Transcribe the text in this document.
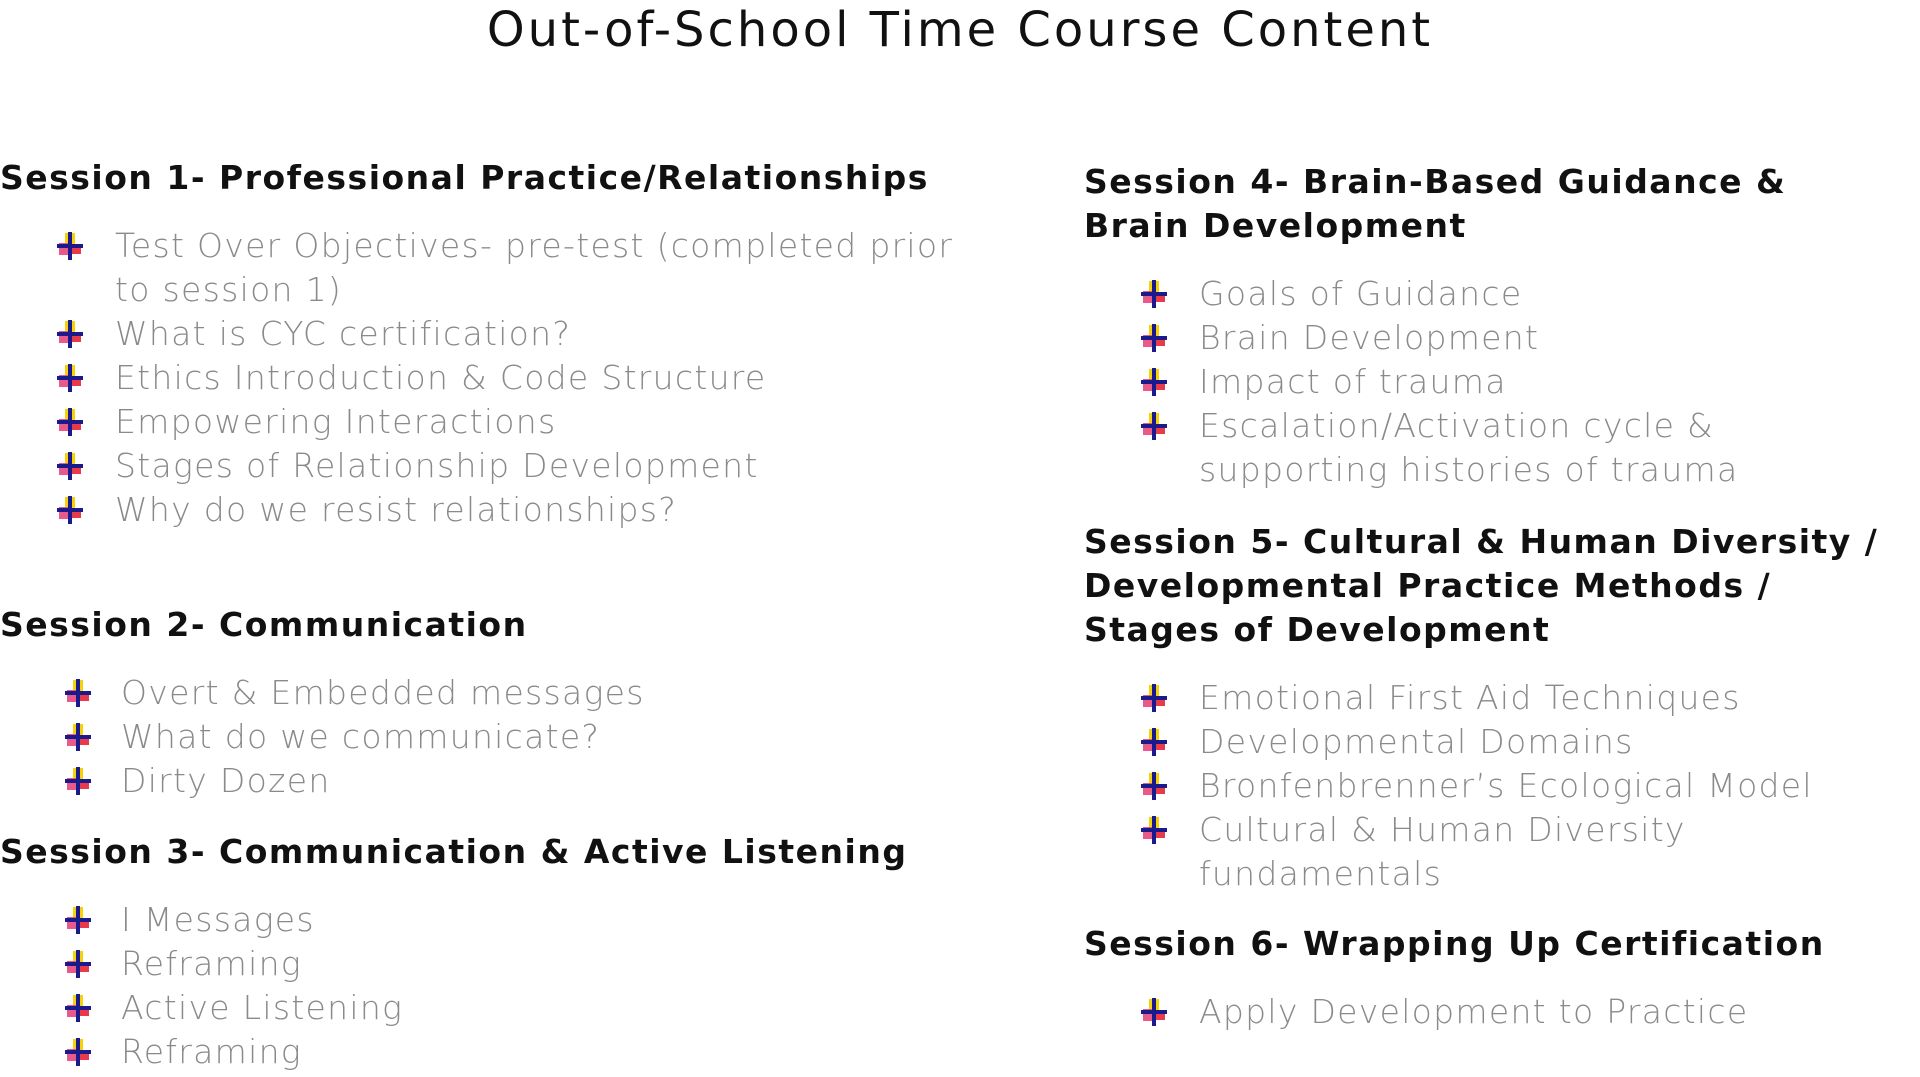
Out-of-School Time Course Content
Session 1- Professional Practice/Relationships
Test Over Objectives- pre-test (completed prior to session 1)
What is CYC certification?
Ethics Introduction & Code Structure
Empowering Interactions
Stages of Relationship Development
Why do we resist relationships?
Session 2- Communication
Overt & Embedded messages
What do we communicate?
Dirty Dozen
Session 3- Communication & Active Listening
I Messages
Reframing
Active Listening
Reframing
Session 4- Brain-Based Guidance & Brain Development
Goals of Guidance
Brain Development
Impact of trauma
Escalation/Activation cycle & supporting histories of trauma
Session 5- Cultural & Human Diversity / Developmental Practice Methods / Stages of Development
Emotional First Aid Techniques
Developmental Domains
Bronfenbrenner’s Ecological Model
Cultural & Human Diversity fundamentals
Session 6- Wrapping Up Certification
Apply Development to Practice
